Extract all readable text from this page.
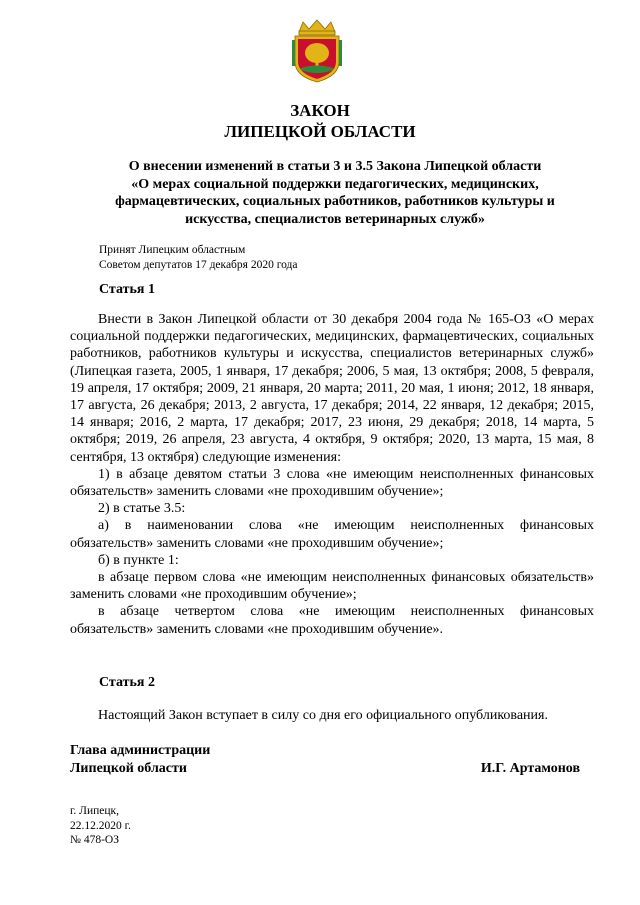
ЗАКОН
ЛИПЕЦКОЙ ОБЛАСТИ
О внесении изменений в статьи 3 и 3.5 Закона Липецкой области
«О мерах социальной поддержки педагогических, медицинских,
фармацевтических, социальных работников, работников культуры и
искусства, специалистов ветеринарных служб»
Принят Липецким областным
Советом депутатов 17 декабря 2020 года
Статья 1

Внести в Закон Липецкой области от 30 декабря 2004 года № 165-ОЗ «О мерах социальной поддержки педагогических, медицинских, фармацевтических, социальных работников, работников культуры и искусства, специалистов ветеринарных служб» (Липецкая газета, 2005, 1 января, 17 декабря; 2006, 5 мая, 13 октября; 2008, 5 февраля, 19 апреля, 17 октября; 2009, 21 января, 20 марта; 2011, 20 мая, 1 июня; 2012, 18 января, 17 августа, 26 декабря; 2013, 2 августа, 17 декабря; 2014, 22 января, 12 декабря; 2015, 14 января; 2016, 2 марта, 17 декабря; 2017, 23 июня, 29 декабря; 2018, 14 марта, 5 октября; 2019, 26 апреля, 23 августа, 4 октября, 9 октября; 2020, 13 марта, 15 мая, 8 сентября, 13 октября) следующие изменения:

1) в абзаце девятом статьи 3 слова «не имеющим неисполненных финансовых обязательств» заменить словами «не проходившим обучение»;

2) в статье 3.5:

а) в наименовании слова «не имеющим неисполненных финансовых обязательств» заменить словами «не проходившим обучение»;

б) в пункте 1:

в абзаце первом слова «не имеющим неисполненных финансовых обязательств» заменить словами «не проходившим обучение»;

в абзаце четвертом слова «не имеющим неисполненных финансовых обязательств» заменить словами «не проходившим обучение».

Статья 2

Настоящий Закон вступает в силу со дня его официального опубликования.

Глава администрации
Липецкой области	И.Г. Артамонов
г. Липецк,
22.12.2020 г.
№ 478-ОЗ
